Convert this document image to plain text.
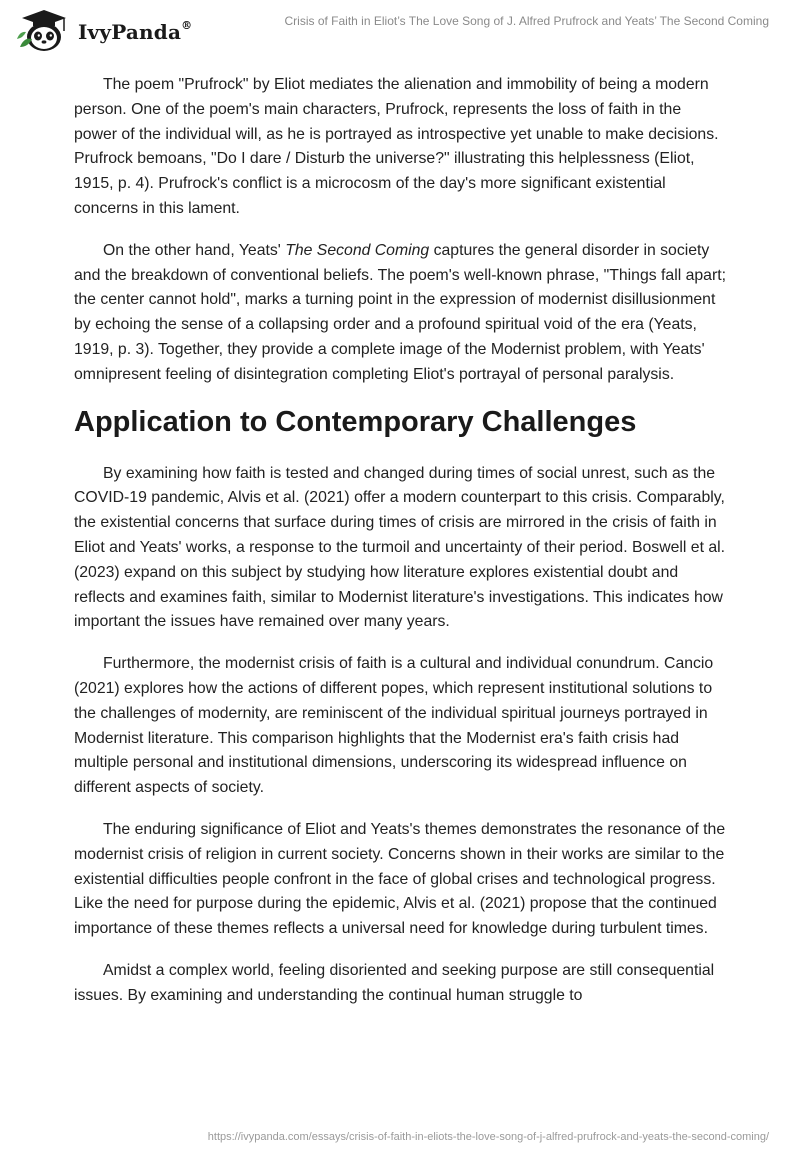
IvyPanda®	Crisis of Faith in Eliot’s The Love Song of J. Alfred Prufrock and Yeats’ The Second Coming

The poem "Prufrock" by Eliot mediates the alienation and immobility of being a modern person. One of the poem's main characters, Prufrock, represents the loss of faith in the power of the individual will, as he is portrayed as introspective yet unable to make decisions. Prufrock bemoans, "Do I dare / Disturb the universe?" illustrating this helplessness (Eliot, 1915, p. 4). Prufrock's conflict is a microcosm of the day's more significant existential concerns in this lament.

On the other hand, Yeats' The Second Coming captures the general disorder in society and the breakdown of conventional beliefs. The poem's well-known phrase, "Things fall apart; the center cannot hold", marks a turning point in the expression of modernist disillusionment by echoing the sense of a collapsing order and a profound spiritual void of the era (Yeats, 1919, p. 3). Together, they provide a complete image of the Modernist problem, with Yeats' omnipresent feeling of disintegration completing Eliot's portrayal of personal paralysis.

Application to Contemporary Challenges

By examining how faith is tested and changed during times of social unrest, such as the COVID-19 pandemic, Alvis et al. (2021) offer a modern counterpart to this crisis. Comparably, the existential concerns that surface during times of crisis are mirrored in the crisis of faith in Eliot and Yeats' works, a response to the turmoil and uncertainty of their period. Boswell et al. (2023) expand on this subject by studying how literature explores existential doubt and reflects and examines faith, similar to Modernist literature's investigations. This indicates how important the issues have remained over many years.

Furthermore, the modernist crisis of faith is a cultural and individual conundrum. Cancio (2021) explores how the actions of different popes, which represent institutional solutions to the challenges of modernity, are reminiscent of the individual spiritual journeys portrayed in Modernist literature. This comparison highlights that the Modernist era's faith crisis had multiple personal and institutional dimensions, underscoring its widespread influence on different aspects of society.

The enduring significance of Eliot and Yeats's themes demonstrates the resonance of the modernist crisis of religion in current society. Concerns shown in their works are similar to the existential difficulties people confront in the face of global crises and technological progress. Like the need for purpose during the epidemic, Alvis et al. (2021) propose that the continued importance of these themes reflects a universal need for knowledge during turbulent times.

Amidst a complex world, feeling disoriented and seeking purpose are still consequential issues. By examining and understanding the continual human struggle to

https://ivypanda.com/essays/crisis-of-faith-in-eliots-the-love-song-of-j-alfred-prufrock-and-yeats-the-second-coming/
